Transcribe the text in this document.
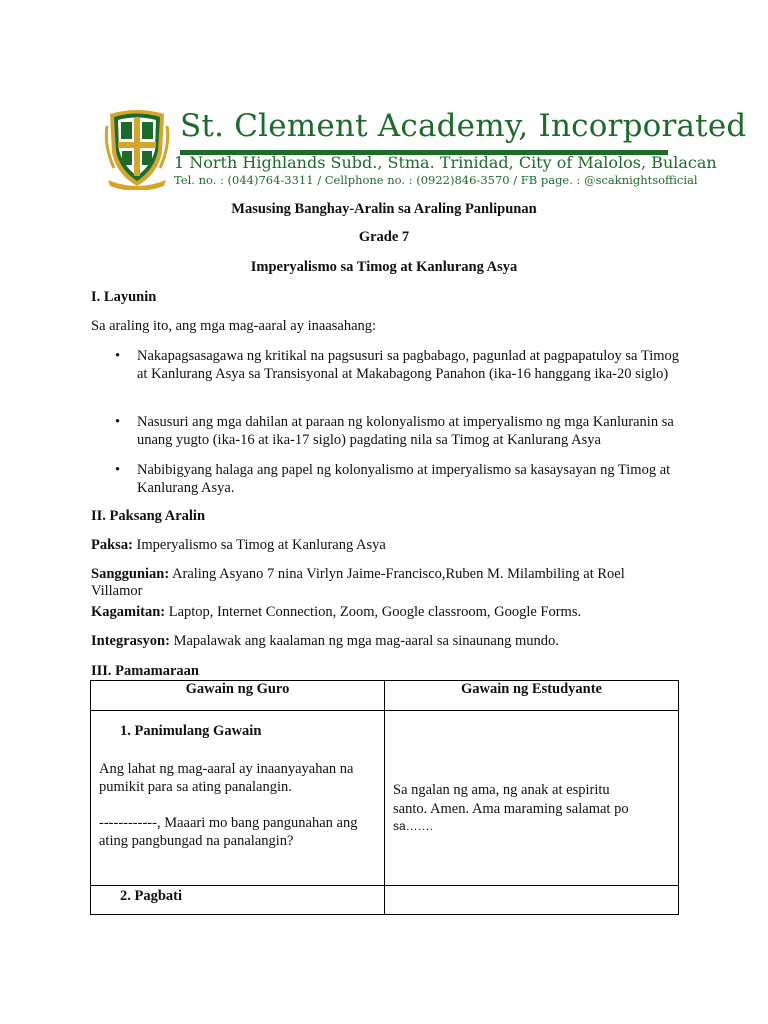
St. Clement Academy, Incorporated
1 North Highlands Subd., Stma. Trinidad, City of Malolos, Bulacan
Tel. no. : (044)764-3311 / Cellphone no. : (0922)846-3570 / FB page. : @scaknightsofficial
Masusing Banghay-Aralin sa Araling Panlipunan
Grade 7
Imperyalismo sa Timog at Kanlurang Asya
I. Layunin
Sa araling ito, ang mga mag-aaral ay inaasahang:
• Nakapagsasagawa ng kritikal na pagsusuri sa pagbabago, pagunlad at pagpapatuloy sa Timog at Kanlurang Asya sa Transisyonal at Makabagong Panahon (ika-16 hanggang ika-20 siglo)
• Nasusuri ang mga dahilan at paraan ng kolonyalismo at imperyalismo ng mga Kanluranin sa unang yugto (ika-16 at ika-17 siglo) pagdating nila sa Timog at Kanlurang Asya
• Nabibigyang halaga ang papel ng kolonyalismo at imperyalismo sa kasaysayan ng Timog at Kanlurang Asya.
II. Paksang Aralin
Paksa: Imperyalismo sa Timog at Kanlurang Asya
Sanggunian: Araling Asyano 7 nina Virlyn Jaime-Francisco,Ruben M. Milambiling at Roel Villamor
Kagamitan: Laptop, Internet Connection, Zoom, Google classroom, Google Forms.
Integrasyon: Mapalawak ang kaalaman ng mga mag-aaral sa sinaunang mundo.
III. Pamamaraan
Gawain ng Guro	Gawain ng Estudyante

1. Panimulang Gawain
Ang lahat ng mag-aaral ay inaanyayahan na pumikit para sa ating panalangin.
------------, Maaari mo bang pangunahan ang ating pangbungad na panalangin?	Sa ngalan ng ama, ng anak at espiritu santo. Amen. Ama maraming salamat po
sa…….

2. Pagbati	
